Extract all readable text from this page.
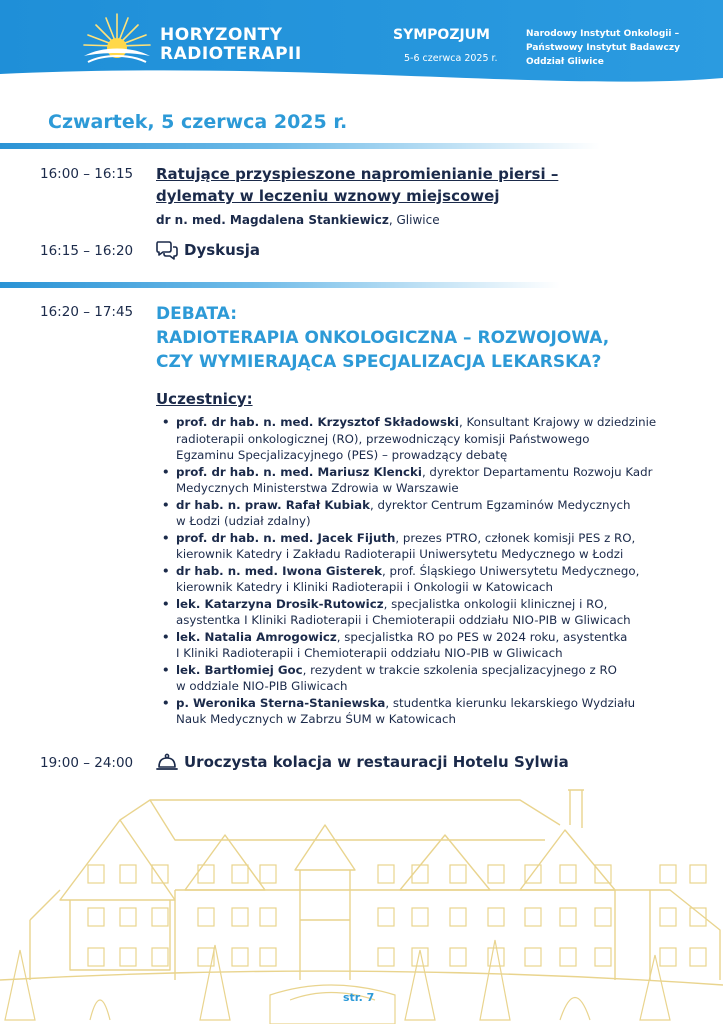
HORYZONTY
RADIOTERAPII
SYMPOZJUM
5-6 czerwca 2025 r.
Narodowy Instytut Onkologii –
Państwowy Instytut Badawczy
Oddział Gliwice
Czwartek, 5 czerwca 2025 r.
16:00 – 16:15 Ratujące przyspieszone napromienianie piersi –
dylematy w leczeniu wznowy miejscowej
dr n. med. Magdalena Stankiewicz, Gliwice
16:15 – 16:20	Dyskusja
16:20 – 17:45 DEBATA:
RADIOTERAPIA ONKOLOGICZNA – ROZWOJOWA,
CZY WYMIERAJĄCA SPECJALIZACJA LEKARSKA?
Uczestnicy:
• prof. dr hab. n. med. Krzysztof Składowski, Konsultant Krajowy w dziedzinie
radioterapii onkologicznej (RO), przewodniczący komisji Państwowego
Egzaminu Specjalizacyjnego (PES) – prowadzący debatę
• prof. dr hab. n. med. Mariusz Klencki, dyrektor Departamentu Rozwoju Kadr
Medycznych Ministerstwa Zdrowia w Warszawie
• dr hab. n. praw. Rafał Kubiak, dyrektor Centrum Egzaminów Medycznych
w Łodzi (udział zdalny)
• prof. dr hab. n. med. Jacek Fijuth, prezes PTRO, członek komisji PES z RO,
kierownik Katedry i Zakładu Radioterapii Uniwersytetu Medycznego w Łodzi
• dr hab. n. med. Iwona Gisterek, prof. Śląskiego Uniwersytetu Medycznego,
kierownik Katedry i Kliniki Radioterapii i Onkologii w Katowicach
• lek. Katarzyna Drosik-Rutowicz, specjalistka onkologii klinicznej i RO,
asystentka I Kliniki Radioterapii i Chemioterapii oddziału NIO-PIB w Gliwicach
• lek. Natalia Amrogowicz, specjalistka RO po PES w 2024 roku, asystentka
I Kliniki Radioterapii i Chemioterapii oddziału NIO-PIB w Gliwicach
• lek. Bartłomiej Goc, rezydent w trakcie szkolenia specjalizacyjnego z RO
w oddziale NIO-PIB Gliwicach
• p. Weronika Sterna-Staniewska, studentka kierunku lekarskiego Wydziału
Nauk Medycznych w Zabrzu ŚUM w Katowicach
19:00 – 24:00	Uroczysta kolacja w restauracji Hotelu Sylwia
str. 7
